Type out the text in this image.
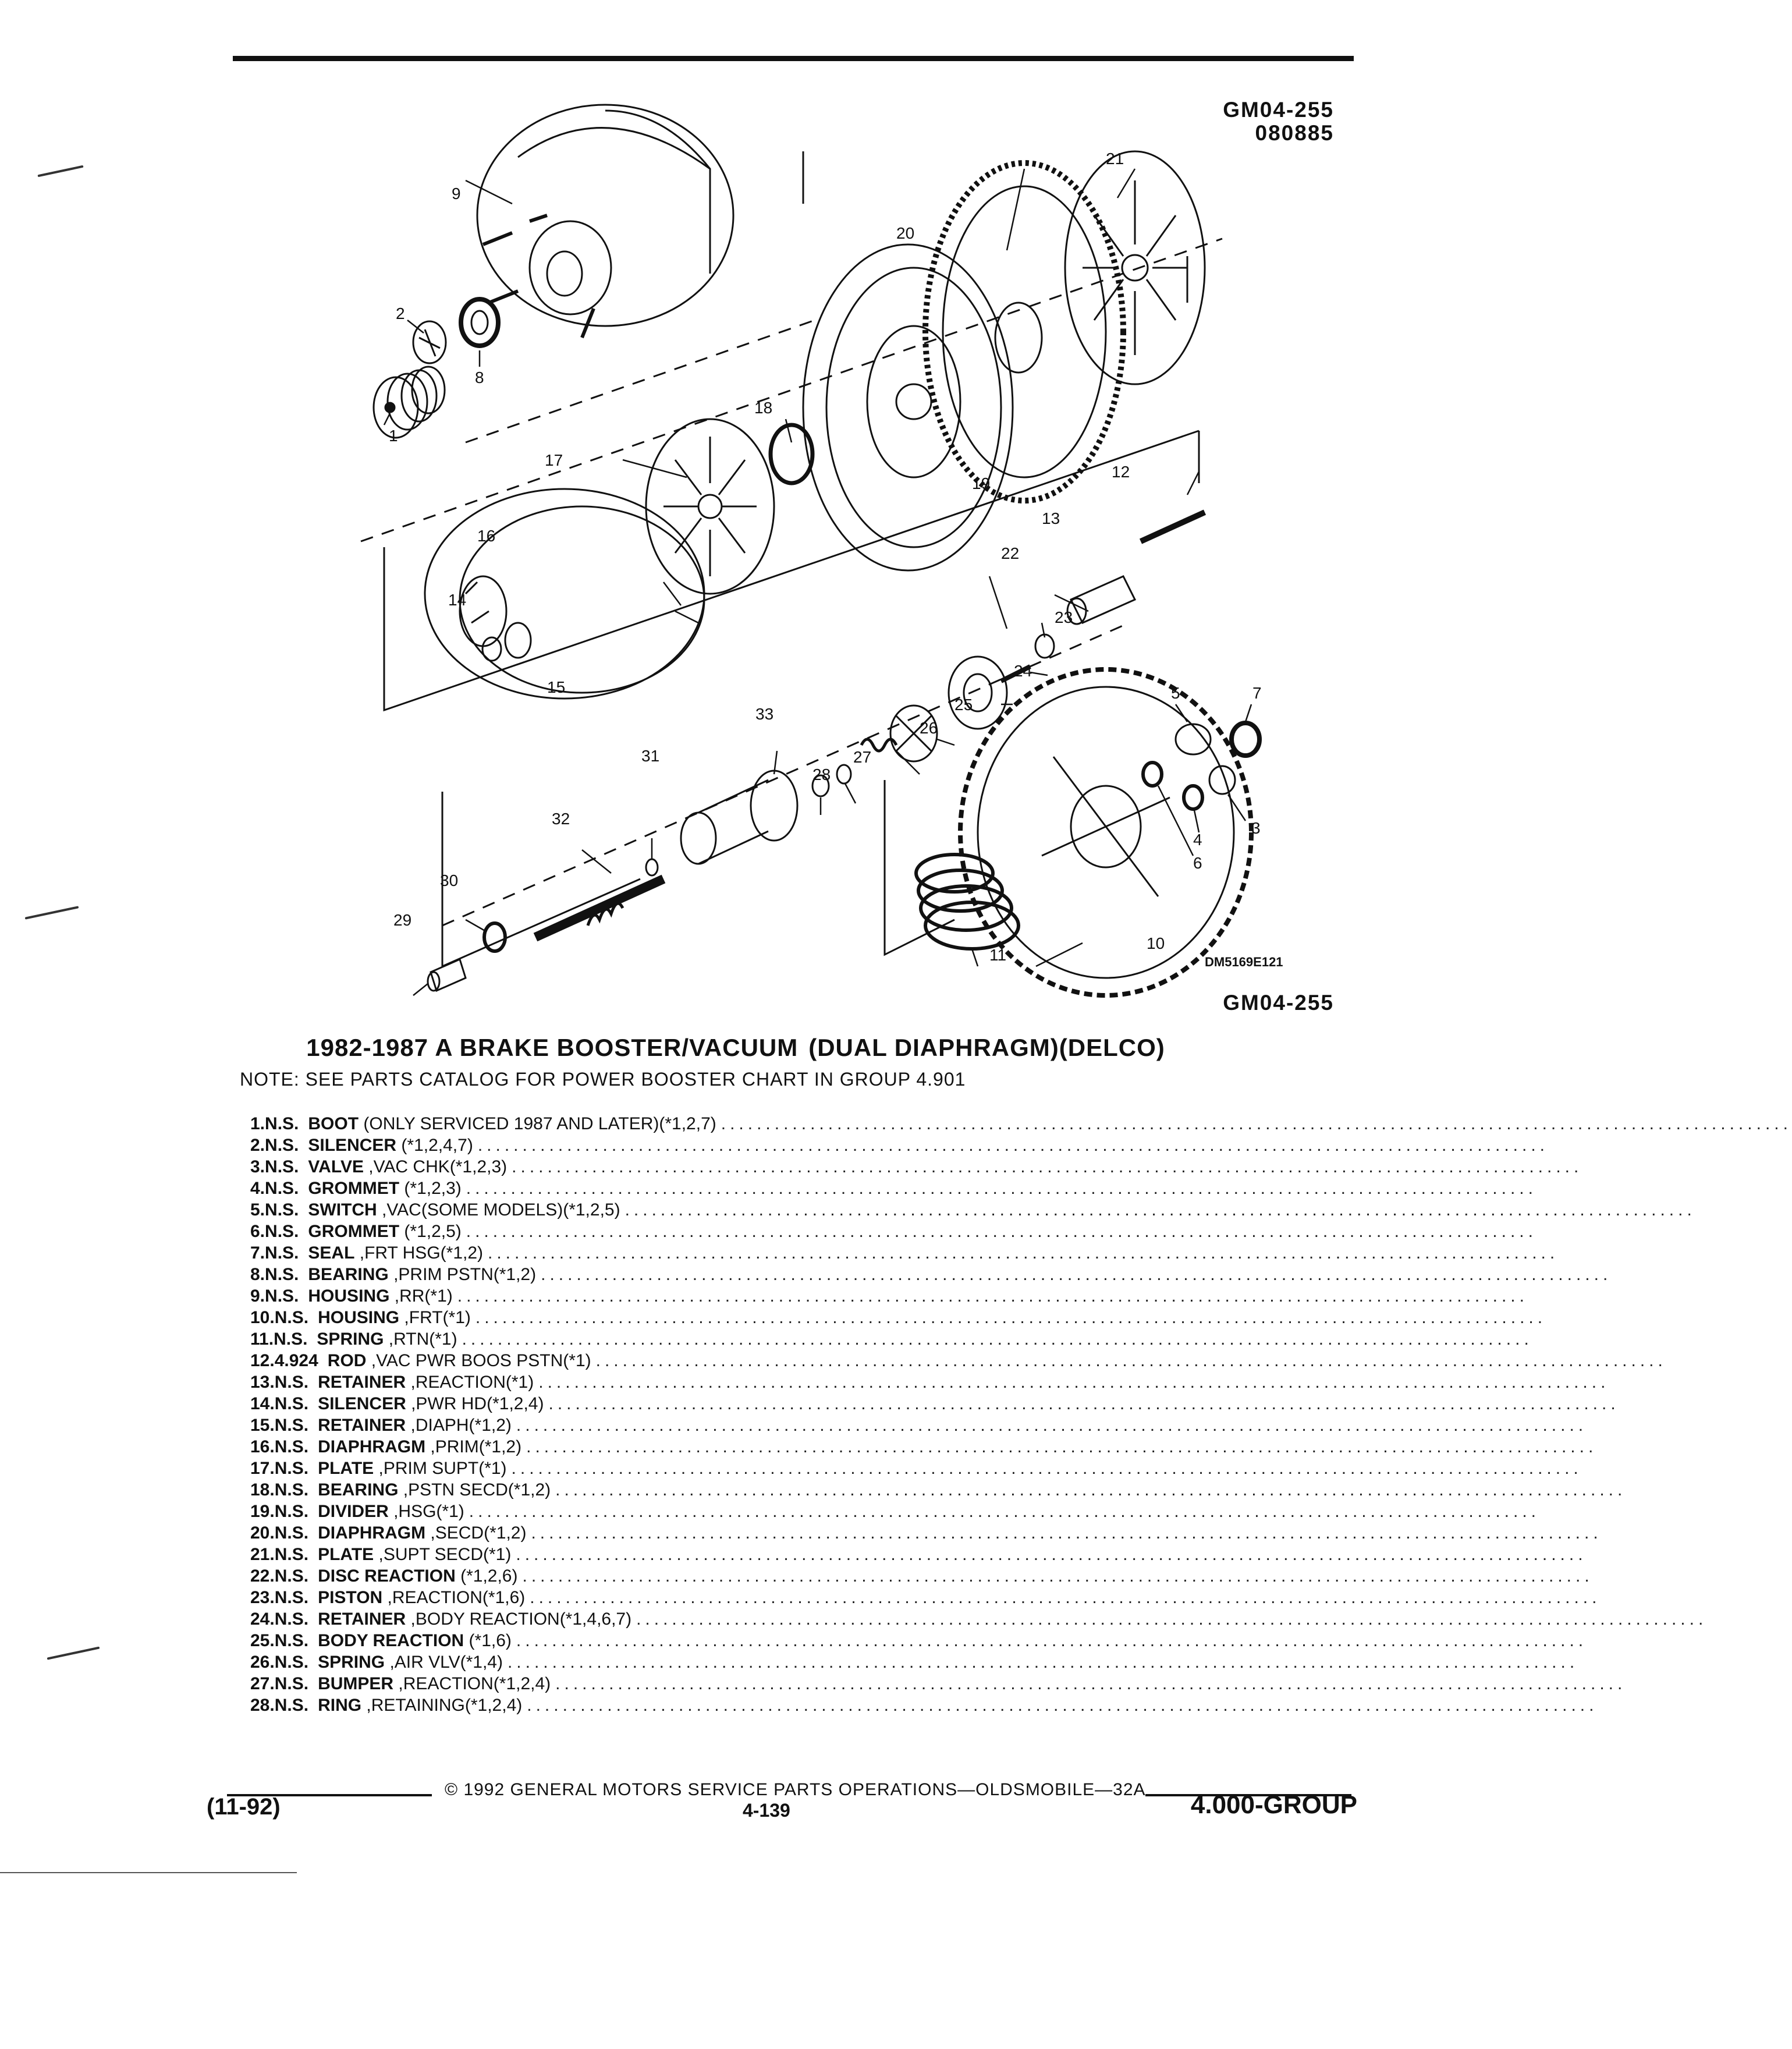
GM04-255
080885
1
2
3
4
5
6
7
8
9
10
11
12
13
14
15
16
17
18
19
20
21
22
23
24
25
26
27
28
29
30
31
32
33
DM5169E121
GM04-255
1982-1987 A BRAKE BOOSTER/VACUUM (DUAL DIAPHRAGM)(DELCO)
NOTE: SEE PARTS CATALOG FOR POWER BOOSTER CHART IN GROUP 4.901
1. N.S. BOOT (ONLY SERVICED 1987 AND LATER)(*1,2,7) ........................................................................................................................
2. N.S. SILENCER (*1,2,4,7) ........................................................................................................................
3. N.S. VALVE ,VAC CHK(*1,2,3) ........................................................................................................................
4. N.S. GROMMET (*1,2,3) ........................................................................................................................
5. N.S. SWITCH ,VAC(SOME MODELS)(*1,2,5) ........................................................................................................................
6. N.S. GROMMET (*1,2,5) ........................................................................................................................
7. N.S. SEAL ,FRT HSG(*1,2) ........................................................................................................................
8. N.S. BEARING ,PRIM PSTN(*1,2) ........................................................................................................................
9. N.S. HOUSING ,RR(*1) ........................................................................................................................
10. N.S. HOUSING ,FRT(*1) ........................................................................................................................
11. N.S. SPRING ,RTN(*1) ........................................................................................................................
12. 4.924 ROD ,VAC PWR BOOS PSTN(*1) ........................................................................................................................
13. N.S. RETAINER ,REACTION(*1) ........................................................................................................................
14. N.S. SILENCER ,PWR HD(*1,2,4) ........................................................................................................................
15. N.S. RETAINER ,DIAPH(*1,2) ........................................................................................................................
16. N.S. DIAPHRAGM ,PRIM(*1,2) ........................................................................................................................
17. N.S. PLATE ,PRIM SUPT(*1) ........................................................................................................................
18. N.S. BEARING ,PSTN SECD(*1,2) ........................................................................................................................
19. N.S. DIVIDER ,HSG(*1) ........................................................................................................................
20. N.S. DIAPHRAGM ,SECD(*1,2) ........................................................................................................................
21. N.S. PLATE ,SUPT SECD(*1) ........................................................................................................................
22. N.S. DISC REACTION (*1,2,6) ........................................................................................................................
23. N.S. PISTON ,REACTION(*1,6) ........................................................................................................................
24. N.S. RETAINER ,BODY REACTION(*1,4,6,7) ........................................................................................................................
25. N.S. BODY REACTION (*1,6) ........................................................................................................................
26. N.S. SPRING ,AIR VLV(*1,4) ........................................................................................................................
27. N.S. BUMPER ,REACTION(*1,2,4) ........................................................................................................................
28. N.S. RING ,RETAINING(*1,2,4) ........................................................................................................................
© 1992 GENERAL MOTORS SERVICE PARTS OPERATIONS—OLDSMOBILE—32A
(11-92)	4-139	4.000-GROUP
